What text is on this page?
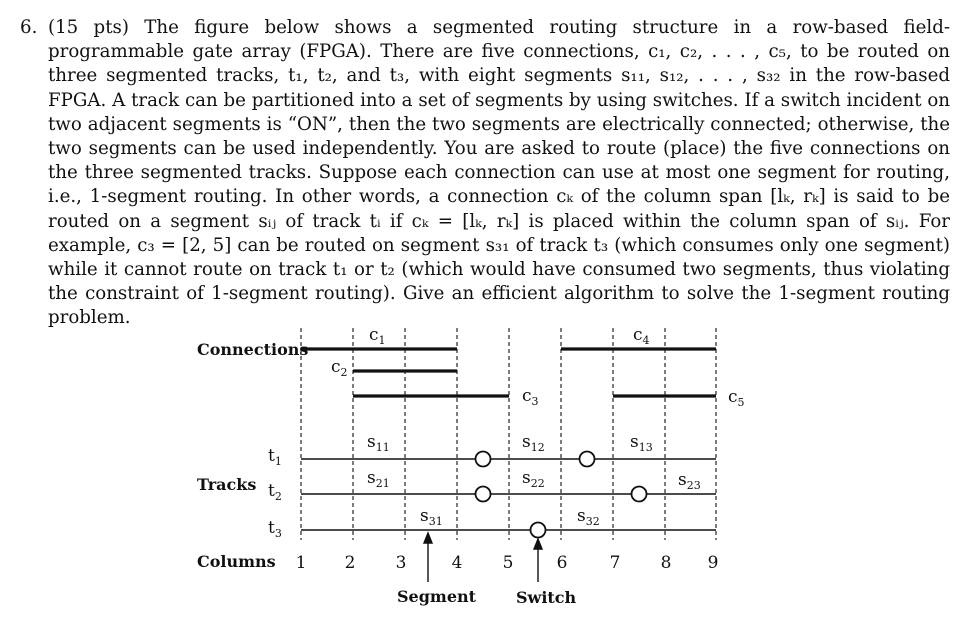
6. (15 pts) The figure below shows a segmented routing structure in a row-based field-programmable gate array (FPGA). There are five connections, c₁, c₂, . . . , c₅, to be routed on three segmented tracks, t₁, t₂, and t₃, with eight segments s₁₁, s₁₂, . . . , s₃₂ in the row-based FPGA. A track can be partitioned into a set of segments by using switches. If a switch incident on two adjacent segments is “ON”, then the two segments are electrically connected; otherwise, the two segments can be used independently. You are asked to route (place) the five connections on the three segmented tracks. Suppose each connection can use at most one segment for routing, i.e., 1-segment routing. In other words, a connection cₖ of the column span [lₖ, rₖ] is said to be routed on a segment sᵢⱼ of track tᵢ if cₖ = [lₖ, rₖ] is placed within the column span of sᵢⱼ. For example, c₃ = [2, 5] can be routed on segment s₃₁ of track t₃ (which consumes only one segment) while it cannot route on track t₁ or t₂ (which would have consumed two segments, thus violating the constraint of 1-segment routing). Give an efficient algorithm to solve the 1-segment routing problem.
Connections
Tracks
Columns
Segment Switch
1 2 3	4 5	6 7 8 9
$c_1$
$c_2$
$c_3$
$c_4$
$c_5$
$t_1$
$t_2$
$t_3$
$s_{11}$	$s_{12}$	$s_{13}$
$s_{21}$	$s_{22}$	$s_{23}$
$s_{31}$	$s_{32}$
